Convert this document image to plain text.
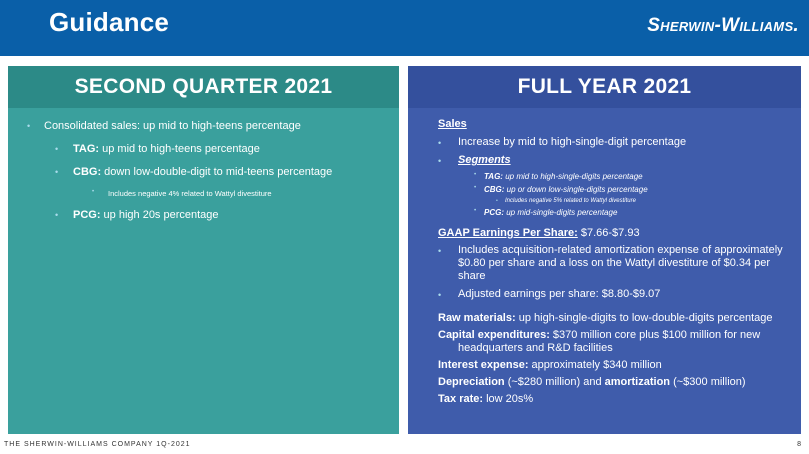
Guidance	Sherwin-Williams.
SECOND QUARTER 2021
• Consolidated sales: up mid to high-teens percentage
• TAG: up mid to high-teens percentage
• CBG: down low-double-digit to mid-teens percentage
• Includes negative 4% related to Wattyl divestiture
• PCG: up high 20s percentage
FULL YEAR 2021
Sales
• Increase by mid to high-single-digit percentage
• Segments
• TAG: up mid to high-single-digits percentage
• CBG: up or down low-single-digits percentage
• Includes negative 5% related to Wattyl divestiture
• PCG: up mid-single-digits percentage
GAAP Earnings Per Share: $7.66-$7.93
• Includes acquisition-related amortization expense of approximately $0.80 per share and a loss on the Wattyl divestiture of $0.34 per share
• Adjusted earnings per share: $8.80-$9.07
Raw materials: up high-single-digits to low-double-digits percentage
Capital expenditures: $370 million core plus $100 million for new
headquarters and R&D facilities
Interest expense: approximately $340 million
Depreciation (~$280 million) and amortization (~$300 million)
Tax rate: low 20s%
THE SHERWIN-WILLIAMS COMPANY 1Q-2021	8
